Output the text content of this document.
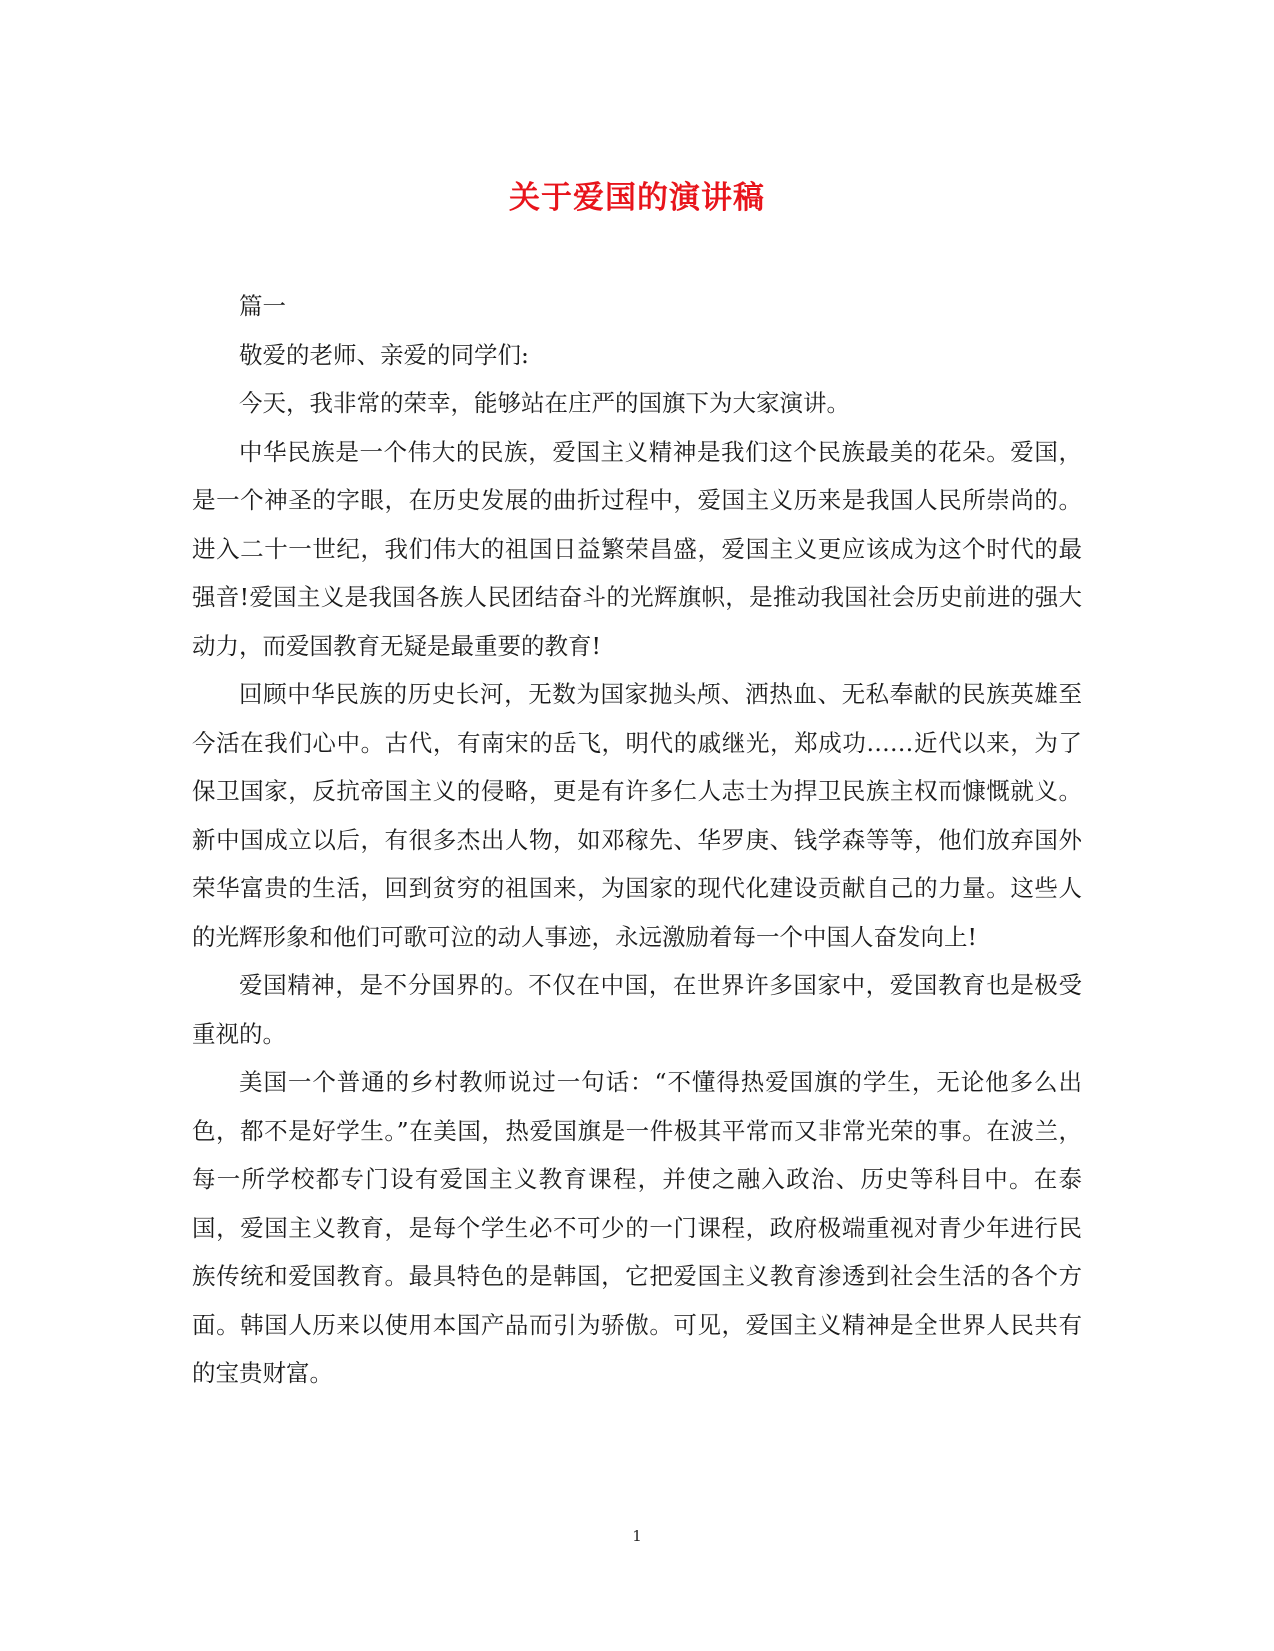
关于爱国的演讲稿

篇一

敬爱的老师、亲爱的同学们:

今天，我非常的荣幸，能够站在庄严的国旗下为大家演讲。

中华民族是一个伟大的民族，爱国主义精神是我们这个民族最美的花朵。爱国，是一个神圣的字眼，在历史发展的曲折过程中，爱国主义历来是我国人民所崇尚的。进入二十一世纪，我们伟大的祖国日益繁荣昌盛，爱国主义更应该成为这个时代的最强音!爱国主义是我国各族人民团结奋斗的光辉旗帜，是推动我国社会历史前进的强大动力，而爱国教育无疑是最重要的教育!

回顾中华民族的历史长河，无数为国家抛头颅、洒热血、无私奉献的民族英雄至今活在我们心中。古代，有南宋的岳飞，明代的戚继光，郑成功……近代以来，为了保卫国家，反抗帝国主义的侵略，更是有许多仁人志士为捍卫民族主权而慷慨就义。新中国成立以后，有很多杰出人物，如邓稼先、华罗庚、钱学森等等，他们放弃国外荣华富贵的生活，回到贫穷的祖国来，为国家的现代化建设贡献自己的力量。这些人的光辉形象和他们可歌可泣的动人事迹，永远激励着每一个中国人奋发向上!

爱国精神，是不分国界的。不仅在中国，在世界许多国家中，爱国教育也是极受重视的。

美国一个普通的乡村教师说过一句话：“不懂得热爱国旗的学生，无论他多么出色，都不是好学生。”在美国，热爱国旗是一件极其平常而又非常光荣的事。在波兰，每一所学校都专门设有爱国主义教育课程，并使之融入政治、历史等科目中。在泰国，爱国主义教育，是每个学生必不可少的一门课程，政府极端重视对青少年进行民族传统和爱国教育。最具特色的是韩国，它把爱国主义教育渗透到社会生活的各个方面。韩国人历来以使用本国产品而引为骄傲。可见，爱国主义精神是全世界人民共有的宝贵财富。

1
